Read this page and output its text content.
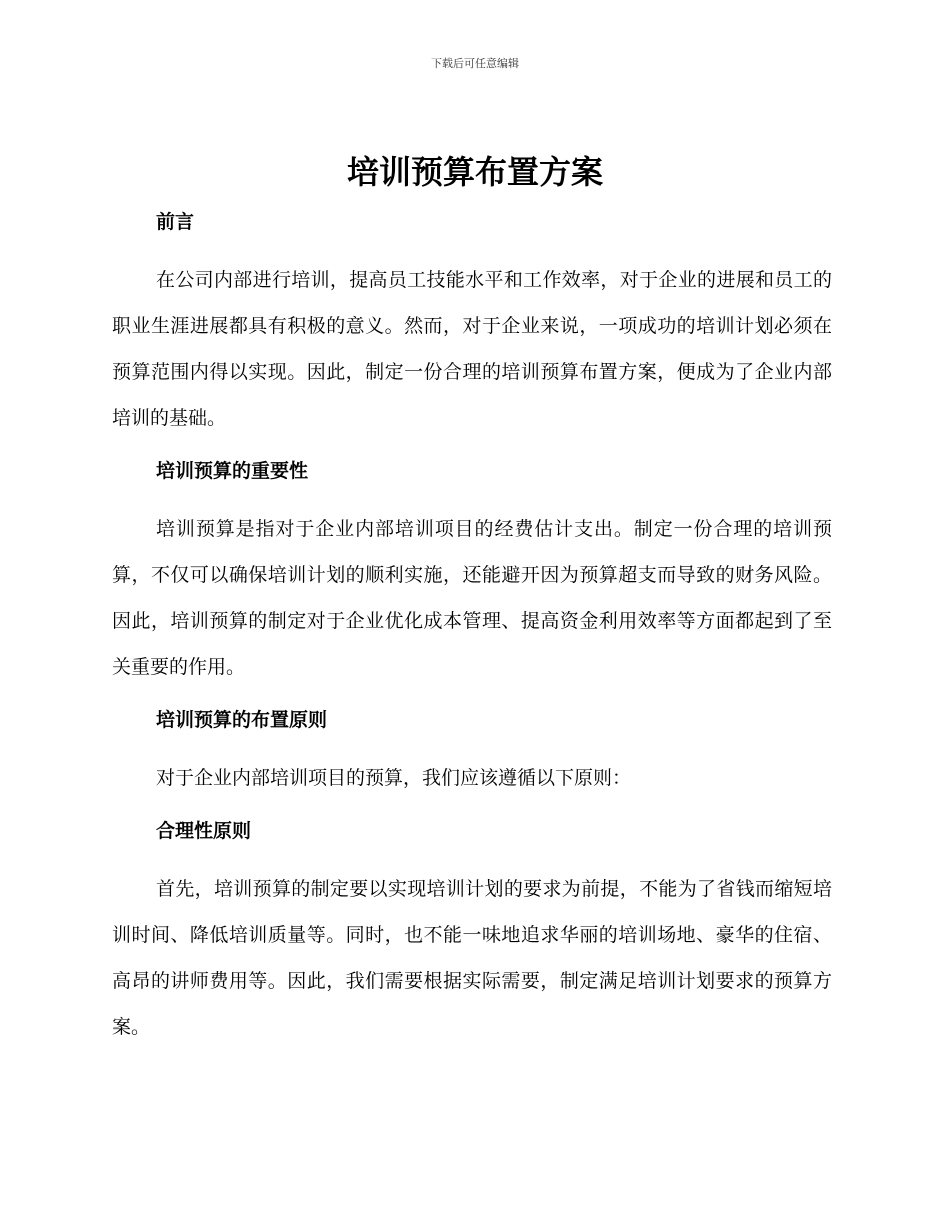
下载后可任意编辑
培训预算布置方案
前言

在公司内部进行培训，提高员工技能水平和工作效率，对于企业的进展和员工的职业生涯进展都具有积极的意义。然而，对于企业来说，一项成功的培训计划必须在预算范围内得以实现。因此，制定一份合理的培训预算布置方案，便成为了企业内部培训的基础。

培训预算的重要性

培训预算是指对于企业内部培训项目的经费估计支出。制定一份合理的培训预算，不仅可以确保培训计划的顺利实施，还能避开因为预算超支而导致的财务风险。因此，培训预算的制定对于企业优化成本管理、提高资金利用效率等方面都起到了至关重要的作用。

培训预算的布置原则

对于企业内部培训项目的预算，我们应该遵循以下原则：

合理性原则

首先，培训预算的制定要以实现培训计划的要求为前提，不能为了省钱而缩短培训时间、降低培训质量等。同时，也不能一味地追求华丽的培训场地、豪华的住宿、高昂的讲师费用等。因此，我们需要根据实际需要，制定满足培训计划要求的预算方案。
